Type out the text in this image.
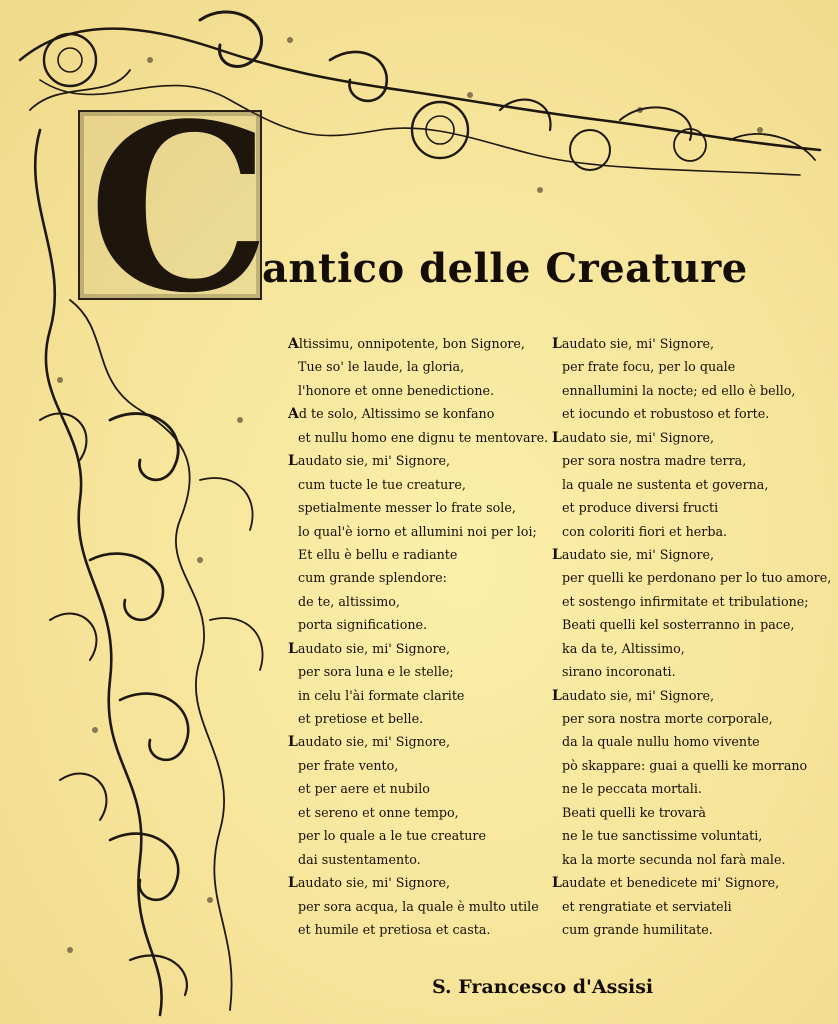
C
antico delle Creature
Altissimu, onnipotente, bon Signore,
Tue so' le laude, la gloria,
l'honore et onne benedictione.
Ad te solo, Altissimo se konfano
et nullu homo ene dignu te mentovare.
Laudato sie, mi' Signore,
cum tucte le tue creature,
spetialmente messer lo frate sole,
lo qual'è iorno et allumini noi per loi;
Et ellu è bellu e radiante
cum grande splendore:
de te, altissimo,
porta significatione.
Laudato sie, mi' Signore,
per sora luna e le stelle;
in celu l'ài formate clarite
et pretiose et belle.
Laudato sie, mi' Signore,
per frate vento,
et per aere et nubilo
et sereno et onne tempo,
per lo quale a le tue creature
dai sustentamento.
Laudato sie, mi' Signore,
per sora acqua, la quale è multo utile
et humile et pretiosa et casta.
Laudato sie, mi' Signore,
per frate focu, per lo quale
ennallumini la nocte; ed ello è bello,
et iocundo et robustoso et forte.
Laudato sie, mi' Signore,
per sora nostra madre terra,
la quale ne sustenta et governa,
et produce diversi fructi
con coloriti fiori et herba.
Laudato sie, mi' Signore,
per quelli ke perdonano per lo tuo amore,
et sostengo infirmitate et tribulatione;
Beati quelli kel sosterranno in pace,
ka da te, Altissimo,
sirano incoronati.
Laudato sie, mi' Signore,
per sora nostra morte corporale,
da la quale nullu homo vivente
pò skappare: guai a quelli ke morrano
ne le peccata mortali.
Beati quelli ke trovarà
ne le tue sanctissime voluntati,
ka la morte secunda nol farà male.
Laudate et benedicete mi' Signore,
et rengratiate et serviateli
cum grande humilitate.
S. Francesco d'Assisi
